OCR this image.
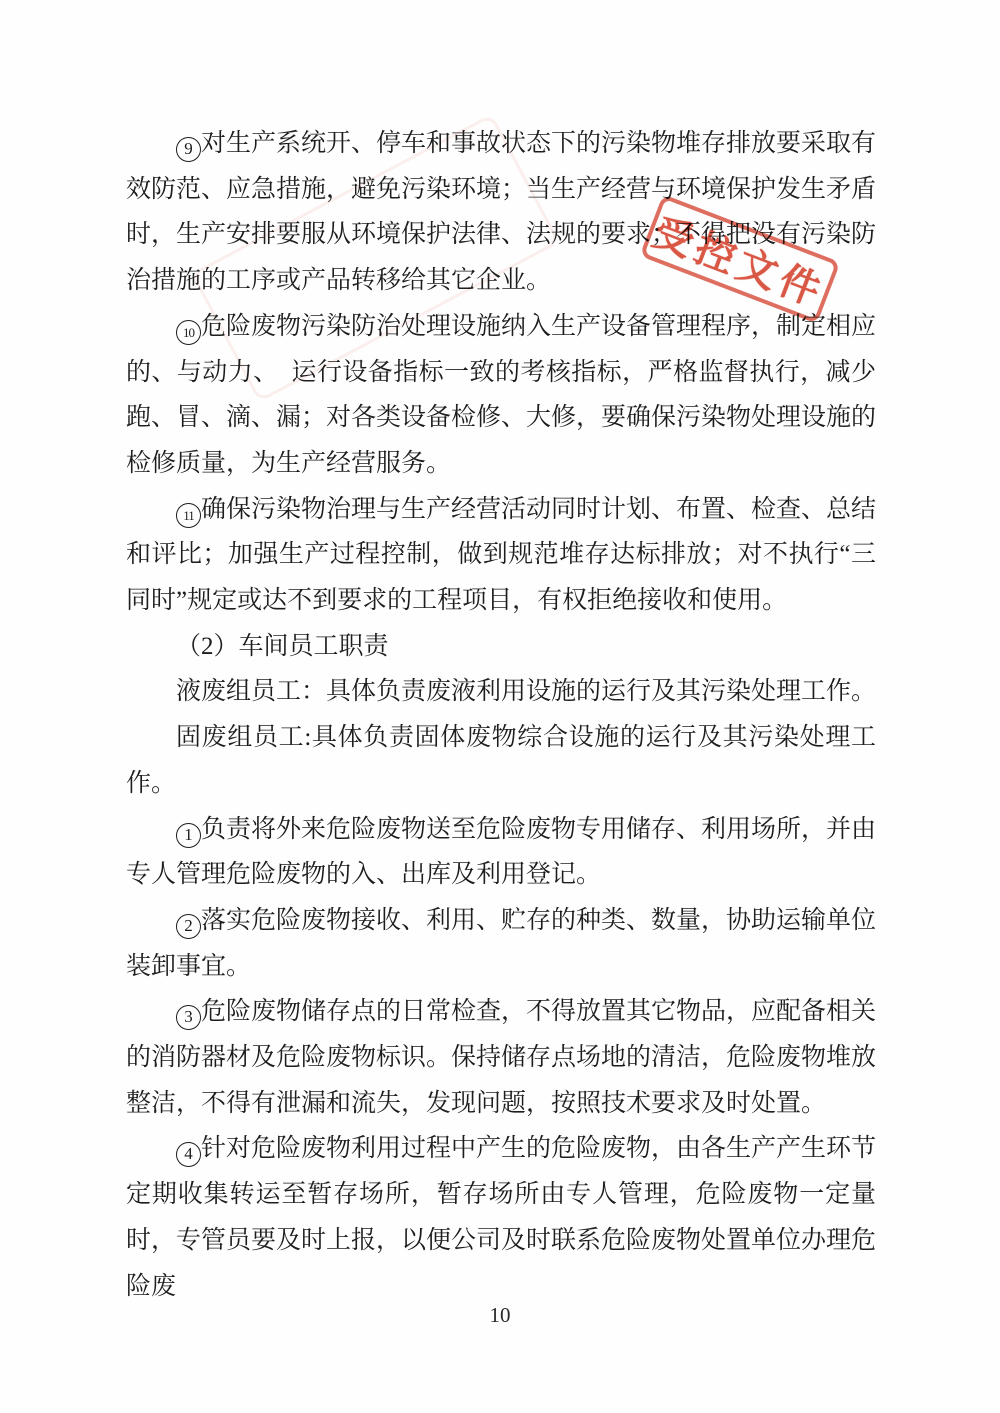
9 对生产系统开、停车和事故状态下的污染物堆存排放要采取有效防范、应急措施，避免污染环境；当生产经营与环境保护发生矛盾时，生产安排要服从环境保护法律、法规的要求；不得把没有污染防治措施的工序或产品转移给其它企业。

10 危险废物污染防治处理设施纳入生产设备管理程序，制定相应的、与动力、　运行设备指标一致的考核指标，严格监督执行，减少跑、冒、滴、漏；对各类设备检修、大修，要确保污染物处理设施的检修质量，为生产经营服务。

11 确保污染物治理与生产经营活动同时计划、布置、检查、总结和评比；加强生产过程控制，做到规范堆存达标排放；对不执行“三同时”规定或达不到要求的工程项目，有权拒绝接收和使用。

（2）车间员工职责

液废组员工：具体负责废液利用设施的运行及其污染处理工作。

固废组员工:具体负责固体废物综合设施的运行及其污染处理工作。

1 负责将外来危险废物送至危险废物专用储存、利用场所，并由专人管理危险废物的入、出库及利用登记。

2 落实危险废物接收、利用、贮存的种类、数量，协助运输单位装卸事宜。

3 危险废物储存点的日常检查，不得放置其它物品，应配备相关的消防器材及危险废物标识。保持储存点场地的清洁，危险废物堆放整洁，不得有泄漏和流失，发现问题，按照技术要求及时处置。

4 针对危险废物利用过程中产生的危险废物，由各生产产生环节定期收集转运至暂存场所，暂存场所由专人管理，危险废物一定量时，专管员要及时上报，以便公司及时联系危险废物处置单位办理危险废

受控文件
10
